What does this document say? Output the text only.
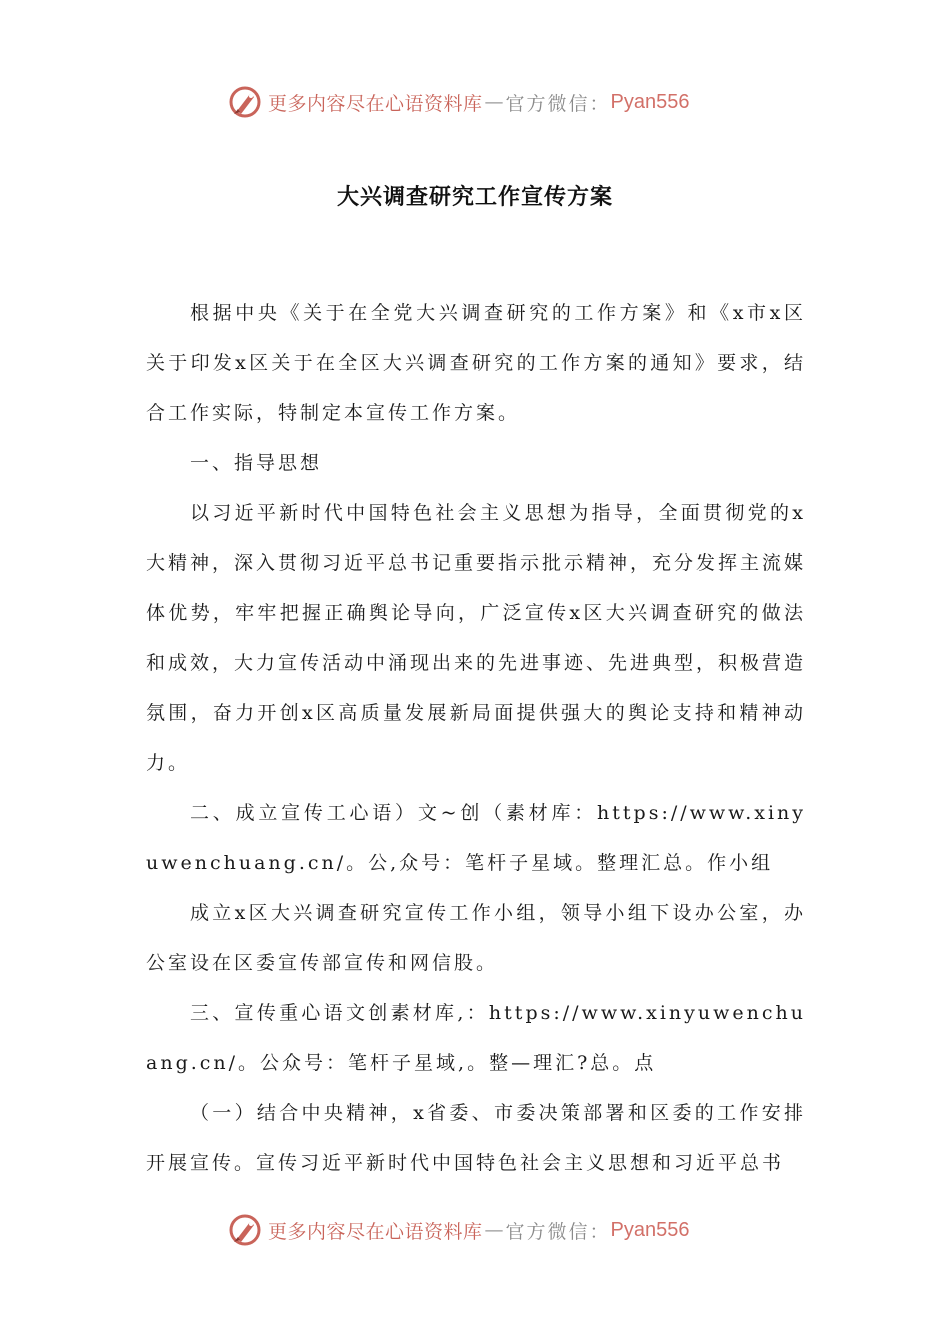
更多内容尽在心语资料库 — 官方微信： Pyan556
大兴调查研究工作宣传方案

根据中央《关于在全党大兴调查研究的工作方案》和《x市x区关于印发x区关于在全区大兴调查研究的工作方案的通知》要求，结合工作实际，特制定本宣传工作方案。

一、指导思想

以习近平新时代中国特色社会主义思想为指导，全面贯彻党的x大精神，深入贯彻习近平总书记重要指示批示精神，充分发挥主流媒体优势，牢牢把握正确舆论导向，广泛宣传x区大兴调查研究的做法和成效，大力宣传活动中涌现出来的先进事迹、先进典型，积极营造氛围，奋力开创x区高质量发展新局面提供强大的舆论支持和精神动力。

二、成立宣传工心语）文~创（素材库：https://www.xinyuwenchuang.cn/。公,众号：笔杆子星域。整理汇总。作小组

成立x区大兴调查研究宣传工作小组，领导小组下设办公室，办公室设在区委宣传部宣传和网信股。

三、宣传重心语文创素材库,：https://www.xinyuwenchuang.cn/。公众号：笔杆子星域,。整—理汇?总。点

（一）结合中央精神，x省委、市委决策部署和区委的工作安排开展宣传。宣传习近平新时代中国特色社会主义思想和习近平总书

更多内容尽在心语资料库 — 官方微信： Pyan556
